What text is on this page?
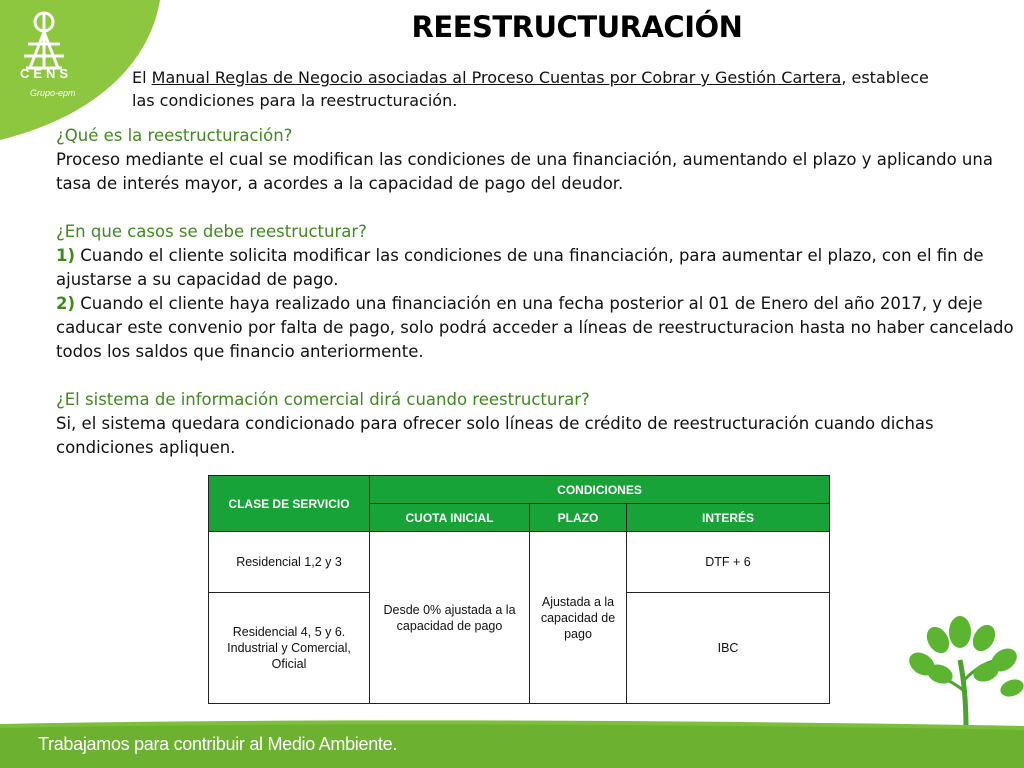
CENS
Grupo-epm
REESTRUCTURACIÓN
El Manual Reglas de Negocio asociadas al Proceso Cuentas por Cobrar y Gestión Cartera, establece las condiciones para la reestructuración.

¿Qué es la reestructuración?

Proceso mediante el cual se modifican las condiciones de una financiación, aumentando el plazo y aplicando una tasa de interés mayor, a acordes a la capacidad de pago del deudor.

¿En que casos se debe reestructurar?

1) Cuando el cliente solicita modificar las condiciones de una financiación, para aumentar el plazo, con el fin de ajustarse a su capacidad de pago.

2) Cuando el cliente haya realizado una financiación en una fecha posterior al 01 de Enero del año 2017, y deje caducar este convenio por falta de pago, solo podrá acceder a líneas de reestructuracion hasta no haber cancelado todos los saldos que financio anteriormente.

¿El sistema de información comercial dirá cuando reestructurar?

Si, el sistema quedara condicionado para ofrecer solo líneas de crédito de reestructuración cuando dichas condiciones apliquen.

CLASE DE SERVICIO	CONDICIONES		
	CUOTA INICIAL	PLAZO	INTERÉS
Residencial 1,2 y 3	Desde 0% ajustada a la capacidad de pago	Ajustada a la capacidad de pago	DTF + 6
Residencial 4, 5 y 6. Industrial y Comercial, Oficial			IBC
Trabajamos para contribuir al Medio Ambiente.
